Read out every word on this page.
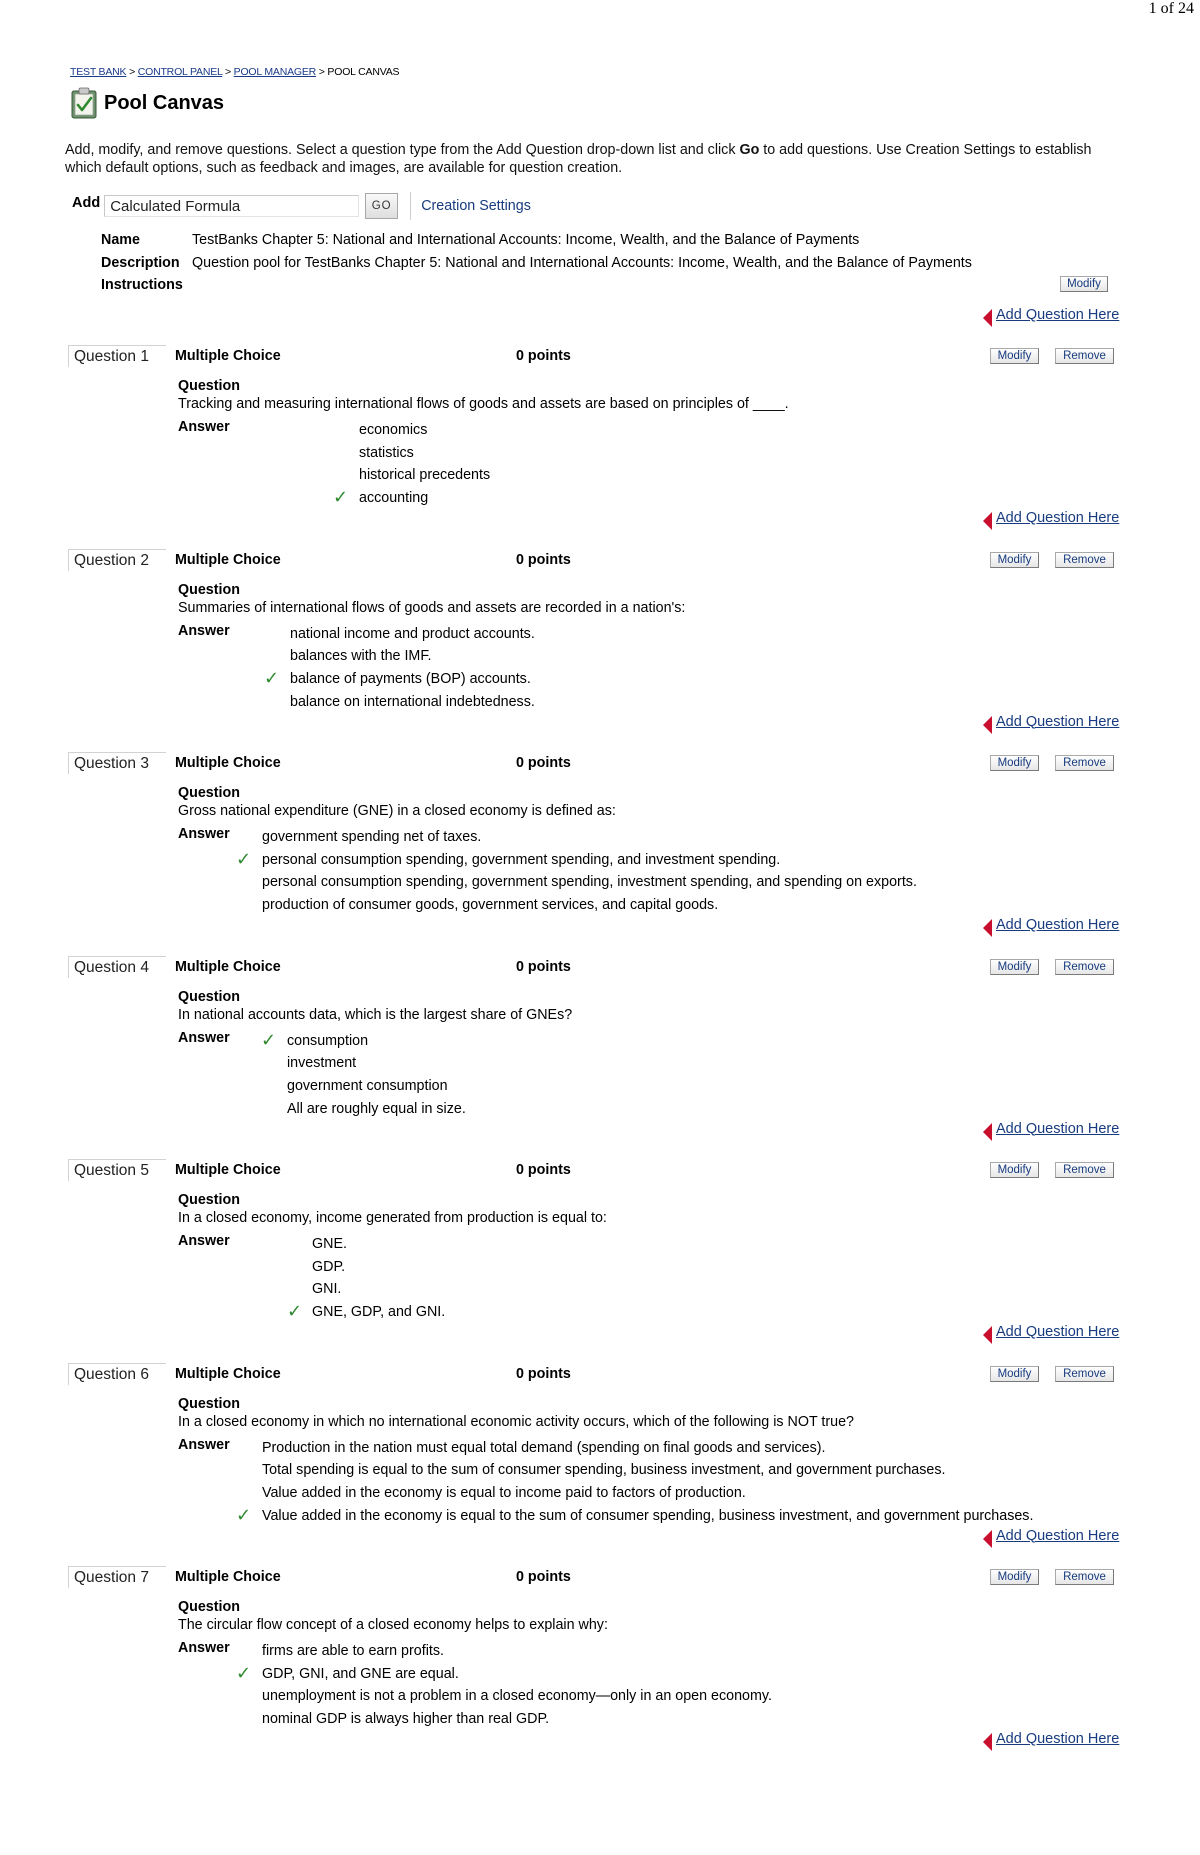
1 of 24
TEST BANK > CONTROL PANEL > POOL MANAGER > POOL CANVAS
Pool Canvas
Add, modify, and remove questions. Select a question type from the Add Question drop-down list and click Go to add questions. Use Creation Settings to establish which default options, such as feedback and images, are available for question creation.
Add Calculated Formula	GO	Creation Settings
Name	TestBanks Chapter 5: National and International Accounts: Income, Wealth, and the Balance of Payments
Description Question pool for TestBanks Chapter 5: National and International Accounts: Income, Wealth, and the Balance of Payments
Instructions	Modify
Add Question Here
Question 1	Multiple Choice	0 points	Modify	Remove
Question
Tracking and measuring international flows of goods and assets are based on principles of ____.
Answer	economics
statistics
historical precedents
accounting
✓
Add Question Here
Question 2	Multiple Choice	0 points	Modify	Remove
Question
Summaries of international flows of goods and assets are recorded in a nation's:
Answer	national income and product accounts.
balances with the IMF.
balance of payments (BOP) accounts.
✓
balance on international indebtedness.
Add Question Here
Question 3	Multiple Choice	0 points	Modify	Remove
Question
Gross national expenditure (GNE) in a closed economy is defined as:
Answer government spending net of taxes.
personal consumption spending, government spending, and investment spending.
✓
personal consumption spending, government spending, investment spending, and spending on exports.
production of consumer goods, government services, and capital goods.
Add Question Here
Question 4	Multiple Choice	0 points	Modify	Remove
Question
In national accounts data, which is the largest share of GNEs?
Answer	consumption
✓
investment
government consumption
All are roughly equal in size.
Add Question Here
Question 5	Multiple Choice	0 points	Modify	Remove
Question
In a closed economy, income generated from production is equal to:
Answer	GNE.
GDP.
GNI.
GNE, GDP, and GNI.
✓
Add Question Here
Question 6	Multiple Choice	0 points	Modify	Remove
Question
In a closed economy in which no international economic activity occurs, which of the following is NOT true?
Answer Production in the nation must equal total demand (spending on final goods and services).
Total spending is equal to the sum of consumer spending, business investment, and government purchases.
Value added in the economy is equal to income paid to factors of production.
Value added in the economy is equal to the sum of consumer spending, business investment, and government purchases.
✓
Add Question Here
Question 7	Multiple Choice	0 points	Modify	Remove
Question
The circular flow concept of a closed economy helps to explain why:
Answer firms are able to earn profits.
GDP, GNI, and GNE are equal.
✓
unemployment is not a problem in a closed economy—only in an open economy.
nominal GDP is always higher than real GDP.
Add Question Here
